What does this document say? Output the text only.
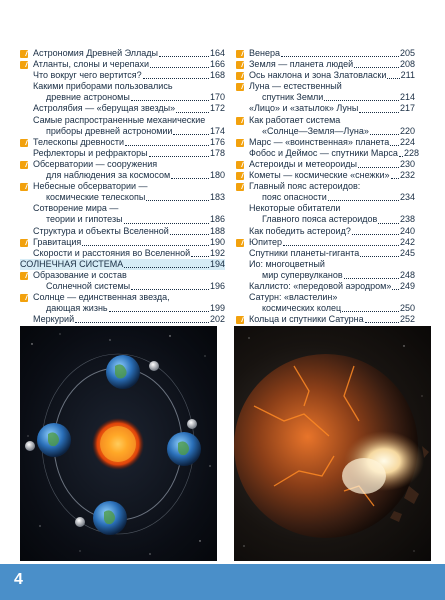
Астрономия Древней Эллады	164
Атланты, слоны и черепахи	166
Что вокруг чего вертится?	168
Какими приборами пользовались
древние астрономы	170
Астролябия — «берущая звезды»	172
Самые распространенные механические
приборы древней астрономии	174
Телескопы древности	176
Рефлекторы и рефракторы	178
Обсерватории — сооружения
для наблюдения за космосом	180
Небесные обсерватории —
космические телескопы	183
Сотворение мира —
теории и гипотезы	186
Структура и объекты Вселенной	188
Гравитация	190
Скорости и расстояния во Вселенной 192
СОЛНЕЧНАЯ СИСТЕМА	194
Образование и состав
Солнечной системы	196
Солнце — единственная звезда,
дающая жизнь	199
Меркурий	202
Венера	205
Земля — планета людей	208
Ось наклона и зона Златовласки 211
Луна — естественный
спутник Земли	214
«Лицо» и «затылок» Луны	217
Как работает система
«Солнце—Земля—Луна»	220
Марс — «воинственная» планета 224
Фобос и Деймос — спутники Марса 228
Астероиды и метеороиды	230
Кометы — космические «снежки» 232
Главный пояс астероидов:
пояс опасности	234
Некоторые обитатели
Главного пояса астероидов	238
Как победить астероид?	240
Юпитер	242
Спутники планеты-гиганта	245
Ио: многоцветный
мир супервулканов	248
Каллисто: «передовой аэродром» 249
Сатурн: «властелин»
космических колец	250
Кольца и спутники Сатурна	252
4
